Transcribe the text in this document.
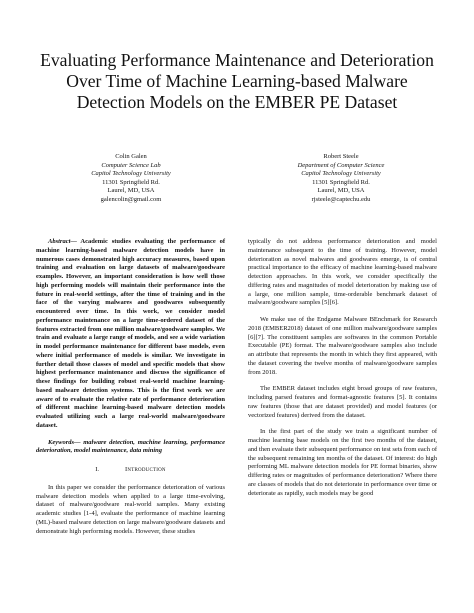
Evaluating Performance Maintenance and Deterioration Over Time of Machine Learning-based Malware Detection Models on the EMBER PE Dataset
Colin Galen
Computer Science Lab
Capitol Technology University
11301 Springfield Rd.
Laurel, MD, USA
galencolin@gmail.com
Robert Steele
Department of Computer Science
Capitol Technology University
11301 Springfield Rd.
Laurel, MD, USA
rjsteele@captechu.edu

Abstract— Academic studies evaluating the performance of machine learning-based malware detection models have in numerous cases demonstrated high accuracy measures, based upon training and evaluation on large datasets of malware/goodware examples. However, an important consideration is how well those high performing models will maintain their performance into the future in real-world settings, after the time of training and in the face of the varying malwares and goodwares subsequently encountered over time. In this work, we consider model performance maintenance on a large time-ordered dataset of the features extracted from one million malware/goodware samples. We train and evaluate a large range of models, and see a wide variation in model performance maintenance for different base models, even where initial performance of models is similar. We investigate in further detail those classes of model and specific models that show highest performance maintenance and discuss the significance of these findings for building robust real-world machine learning-based malware detection systems. This is the first work we are aware of to evaluate the relative rate of performance deterioration of different machine learning-based malware detection models evaluated utilizing such a large real-world malware/goodware dataset.

Keywords— malware detection, machine learning, performance deterioration, model maintenance, data mining

I.	Introduction

In this paper we consider the performance deterioration of various malware detection models when applied to a large time-evolving, dataset of malware/goodware real-world samples. Many existing academic studies [1-4], evaluate the performance of machine learning (ML)-based malware detection on large malware/goodware datasets and demonstrate high performing models. However, these studies

typically do not address performance deterioration and model maintenance subsequent to the time of training. However, model deterioration as novel malwares and goodwares emerge, is of central practical importance to the efficacy of machine learning-based malware detection approaches. In this work, we consider specifically the differing rates and magnitudes of model deterioration by making use of a large, one million sample, time-orderable benchmark dataset of malware/goodware samples [5][6].

We make use of the Endgame Malware BEnchmark for Research 2018 (EMBER2018) dataset of one million malware/goodware samples [6][7]. The constituent samples are softwares in the common Portable Executable (PE) format. The malware/goodware samples also include an attribute that represents the month in which they first appeared, with the dataset covering the twelve months of malware/goodware samples from 2018.

The EMBER dataset includes eight broad groups of raw features, including parsed features and format-agnostic features [5]. It contains raw features (those that are dataset provided) and model features (or vectorized features) derived from the dataset.

In the first part of the study we train a significant number of machine learning base models on the first two months of the dataset, and then evaluate their subsequent performance on test sets from each of the subsequent remaining ten months of the dataset. Of interest: do high performing ML malware detection models for PE format binaries, show differing rates or magnitudes of performance deterioration? Where there are classes of models that do not deteriorate in performance over time or deteriorate as rapidly, such models may be good
